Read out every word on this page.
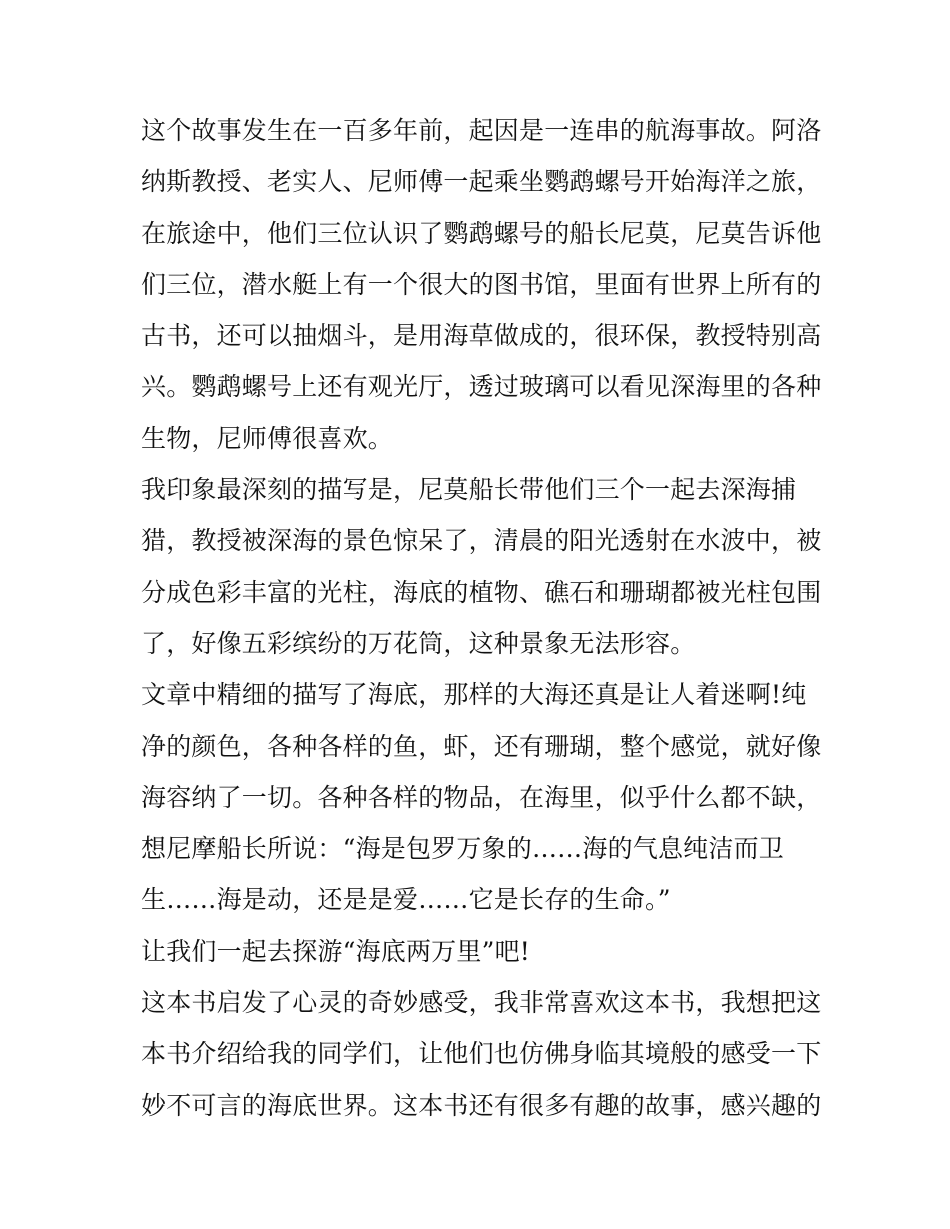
这个故事发生在一百多年前，起因是一连串的航海事故。阿洛
纳斯教授、老实人、尼师傅一起乘坐鹦鹉螺号开始海洋之旅，
在旅途中，他们三位认识了鹦鹉螺号的船长尼莫，尼莫告诉他
们三位，潜水艇上有一个很大的图书馆，里面有世界上所有的
古书，还可以抽烟斗，是用海草做成的，很环保，教授特别高
兴。鹦鹉螺号上还有观光厅，透过玻璃可以看见深海里的各种
生物，尼师傅很喜欢。
我印象最深刻的描写是，尼莫船长带他们三个一起去深海捕
猎，教授被深海的景色惊呆了，清晨的阳光透射在水波中，被
分成色彩丰富的光柱，海底的植物、礁石和珊瑚都被光柱包围
了，好像五彩缤纷的万花筒，这种景象无法形容。
文章中精细的描写了海底，那样的大海还真是让人着迷啊!纯
净的颜色，各种各样的鱼，虾，还有珊瑚，整个感觉，就好像
海容纳了一切。各种各样的物品，在海里，似乎什么都不缺，
想尼摩船长所说：“海是包罗万象的……海的气息纯洁而卫
生……海是动，还是是爱……它是长存的生命。”
让我们一起去探游“海底两万里”吧!
这本书启发了心灵的奇妙感受，我非常喜欢这本书，我想把这
本书介绍给我的同学们，让他们也仿佛身临其境般的感受一下
妙不可言的海底世界。这本书还有很多有趣的故事，感兴趣的
